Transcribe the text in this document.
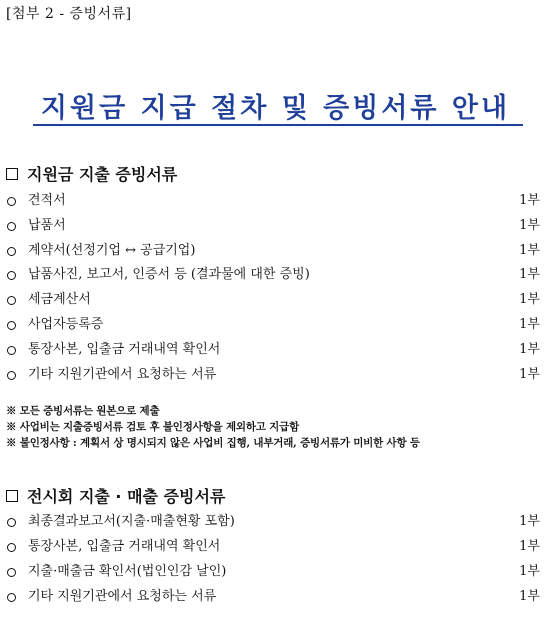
[첨부 2 - 증빙서류]
지원금 지급 절차 및 증빙서류 안내
지원금 지출 증빙서류
견적서	1부
납품서	1부
계약서(선정기업 ↔ 공급기업)	1부
납품사진, 보고서, 인증서 등 (결과물에 대한 증빙)	1부
세금계산서	1부
사업자등록증	1부
통장사본, 입출금 거래내역 확인서	1부
기타 지원기관에서 요청하는 서류	1부
※ 모든 증빙서류는 원본으로 제출
※ 사업비는 지출증빙서류 검토 후 불인정사항을 제외하고 지급함
※ 불인정사항 : 계획서 상 명시되지 않은 사업비 집행, 내부거래, 증빙서류가 미비한 사항 등
전시회 지출 · 매출 증빙서류
최종결과보고서(지출·매출현황 포함)	1부
통장사본, 입출금 거래내역 확인서	1부
지출·매출금 확인서(법인인감 날인)	1부
기타 지원기관에서 요청하는 서류	1부
